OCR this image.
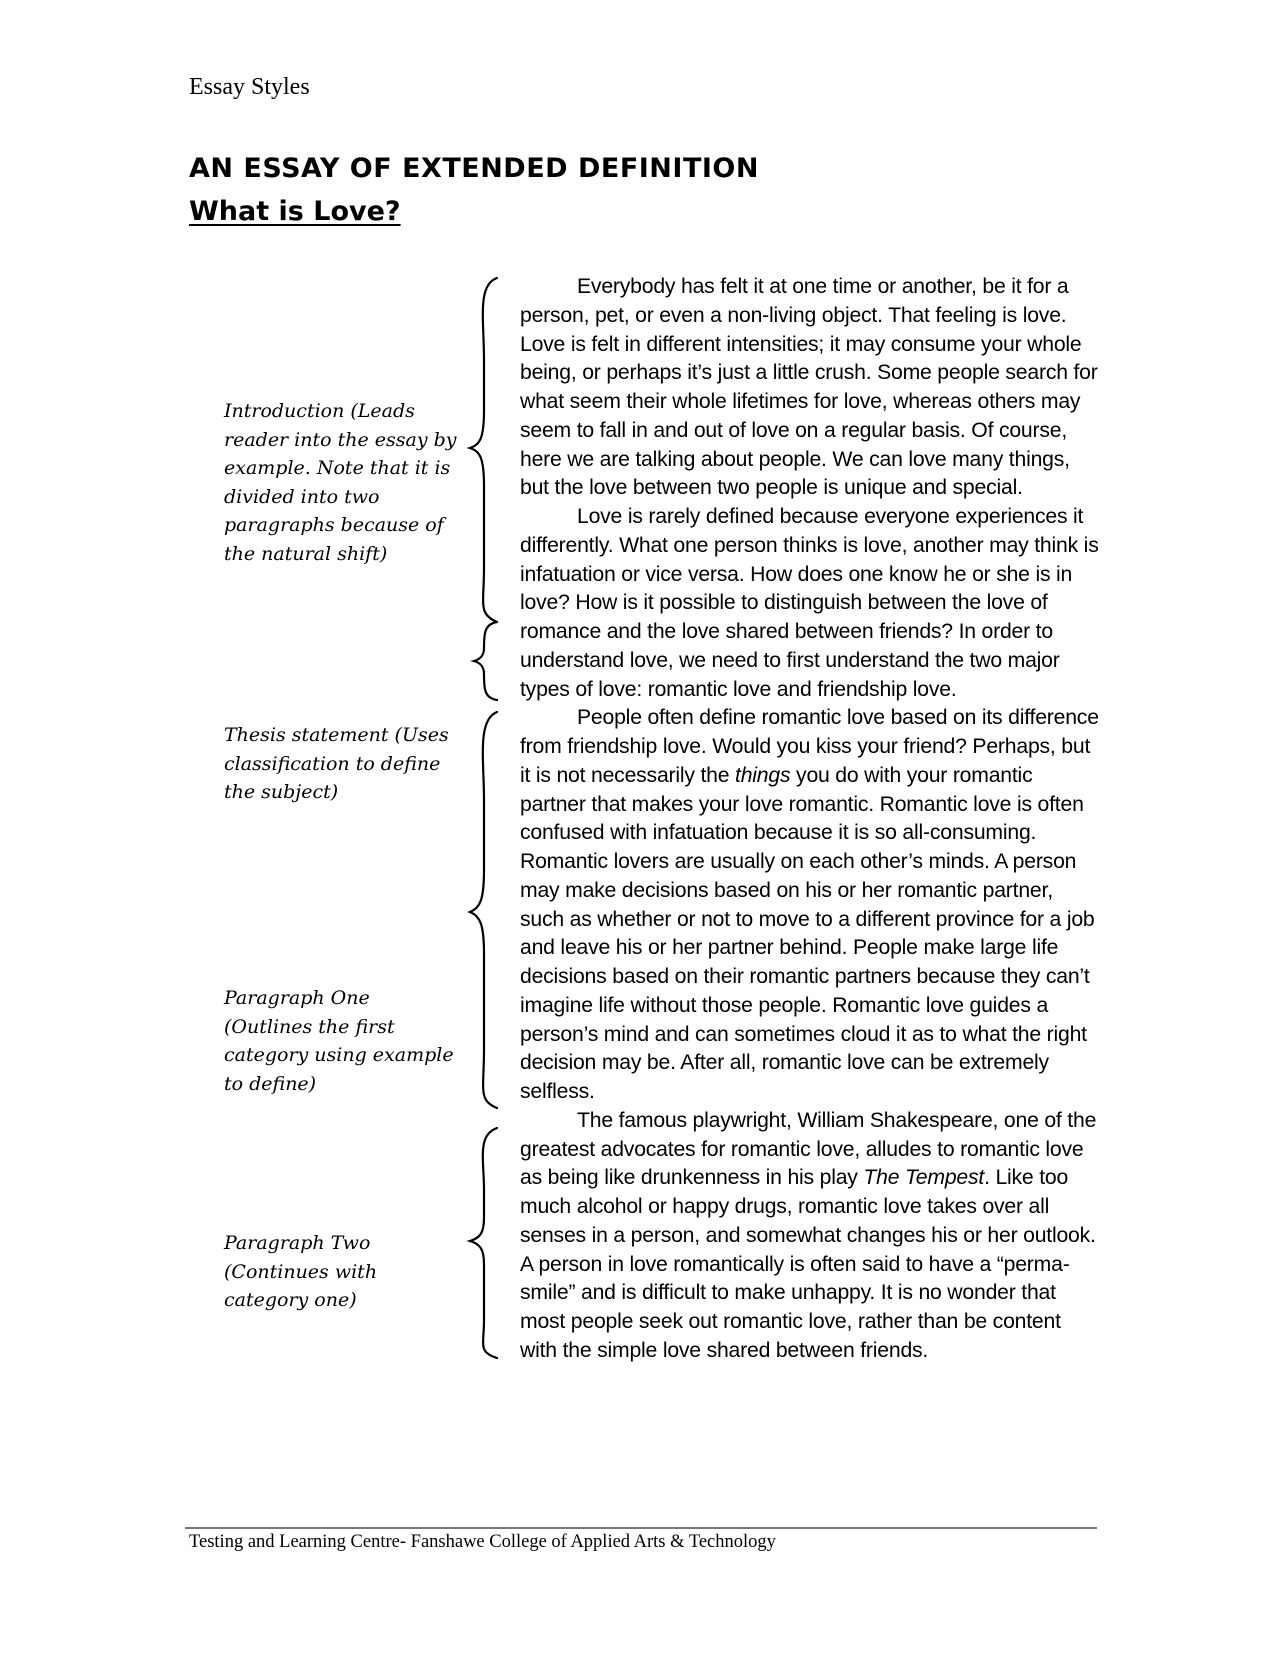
Essay Styles
AN ESSAY OF EXTENDED DEFINITION
What is Love?
Introduction (Leads reader into the essay by example. Note that it is divided into two paragraphs because of the natural shift)
Thesis statement (Uses classification to define the subject)
Paragraph One (Outlines the first category using example to define)
Paragraph Two (Continues with category one)

Everybody has felt it at one time or another, be it for a person, pet, or even a non-living object. That feeling is love. Love is felt in different intensities; it may consume your whole being, or perhaps it’s just a little crush. Some people search for what seem their whole lifetimes for love, whereas others may seem to fall in and out of love on a regular basis. Of course, here we are talking about people. We can love many things, but the love between two people is unique and special.

Love is rarely defined because everyone experiences it differently. What one person thinks is love, another may think is infatuation or vice versa. How does one know he or she is in love? How is it possible to distinguish between the love of romance and the love shared between friends? In order to understand love, we need to first understand the two major types of love: romantic love and friendship love.

People often define romantic love based on its difference from friendship love. Would you kiss your friend? Perhaps, but it is not necessarily the things you do with your romantic partner that makes your love romantic. Romantic love is often confused with infatuation because it is so all-consuming. Romantic lovers are usually on each other’s minds. A person may make decisions based on his or her romantic partner, such as whether or not to move to a different province for a job and leave his or her partner behind. People make large life decisions based on their romantic partners because they can’t imagine life without those people. Romantic love guides a person’s mind and can sometimes cloud it as to what the right decision may be. After all, romantic love can be extremely selfless.

The famous playwright, William Shakespeare, one of the greatest advocates for romantic love, alludes to romantic love as being like drunkenness in his play The Tempest. Like too much alcohol or happy drugs, romantic love takes over all senses in a person, and somewhat changes his or her outlook. A person in love romantically is often said to have a “perma-smile” and is difficult to make unhappy. It is no wonder that most people seek out romantic love, rather than be content with the simple love shared between friends.

Testing and Learning Centre- Fanshawe College of Applied Arts & Technology
